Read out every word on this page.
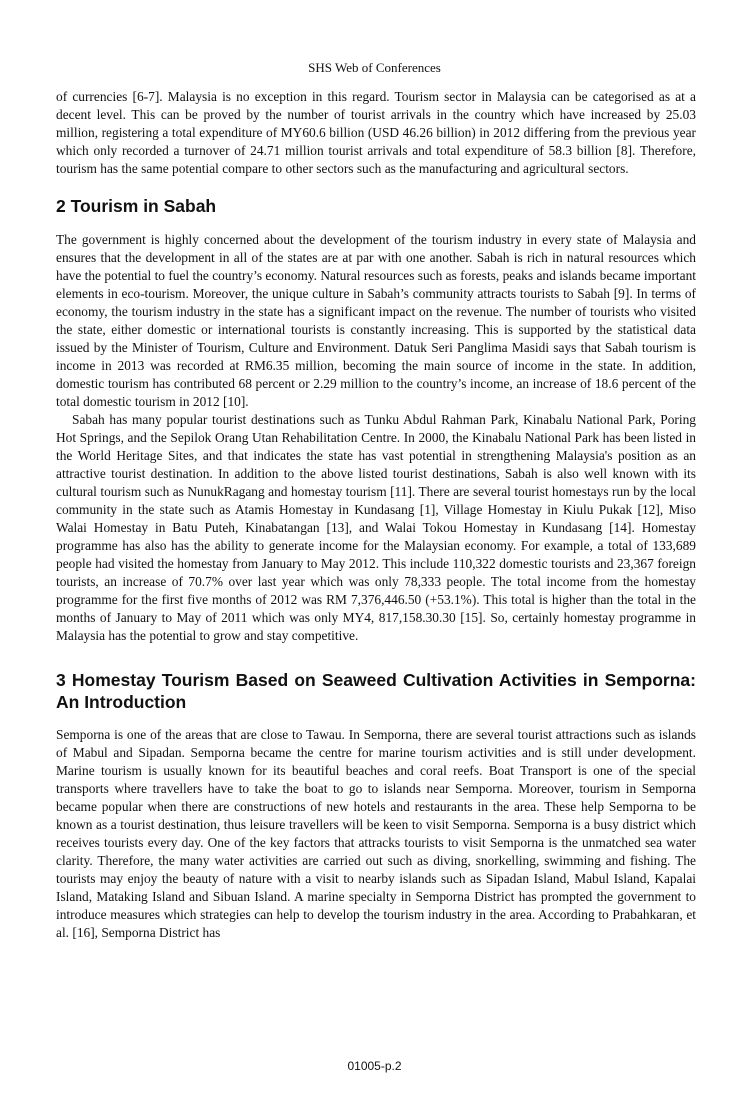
SHS Web of Conferences

of currencies [6-7]. Malaysia is no exception in this regard. Tourism sector in Malaysia can be categorised as at a decent level. This can be proved by the number of tourist arrivals in the country which have increased by 25.03 million, registering a total expenditure of MY60.6 billion (USD 46.26 billion) in 2012 differing from the previous year which only recorded a turnover of 24.71 million tourist arrivals and total expenditure of 58.3 billion [8]. Therefore, tourism has the same potential compare to other sectors such as the manufacturing and agricultural sectors.

2 Tourism in Sabah

The government is highly concerned about the development of the tourism industry in every state of Malaysia and ensures that the development in all of the states are at par with one another. Sabah is rich in natural resources which have the potential to fuel the country’s economy. Natural resources such as forests, peaks and islands became important elements in eco-tourism. Moreover, the unique culture in Sabah’s community attracts tourists to Sabah [9]. In terms of economy, the tourism industry in the state has a significant impact on the revenue. The number of tourists who visited the state, either domestic or international tourists is constantly increasing. This is supported by the statistical data issued by the Minister of Tourism, Culture and Environment. Datuk Seri Panglima Masidi says that Sabah tourism is income in 2013 was recorded at RM6.35 million, becoming the main source of income in the state. In addition, domestic tourism has contributed 68 percent or 2.29 million to the country’s income, an increase of 18.6 percent of the total domestic tourism in 2012 [10].

Sabah has many popular tourist destinations such as Tunku Abdul Rahman Park, Kinabalu National Park, Poring Hot Springs, and the Sepilok Orang Utan Rehabilitation Centre. In 2000, the Kinabalu National Park has been listed in the World Heritage Sites, and that indicates the state has vast potential in strengthening Malaysia's position as an attractive tourist destination. In addition to the above listed tourist destinations, Sabah is also well known with its cultural tourism such as NunukRagang and homestay tourism [11]. There are several tourist homestays run by the local community in the state such as Atamis Homestay in Kundasang [1], Village Homestay in Kiulu Pukak [12], Miso Walai Homestay in Batu Puteh, Kinabatangan [13], and Walai Tokou Homestay in Kundasang [14]. Homestay programme has also has the ability to generate income for the Malaysian economy. For example, a total of 133,689 people had visited the homestay from January to May 2012. This include 110,322 domestic tourists and 23,367 foreign tourists, an increase of 70.7% over last year which was only 78,333 people. The total income from the homestay programme for the first five months of 2012 was RM 7,376,446.50 (+53.1%). This total is higher than the total in the months of January to May of 2011 which was only MY4, 817,158.30.30 [15]. So, certainly homestay programme in Malaysia has the potential to grow and stay competitive.

3 Homestay Tourism Based on Seaweed Cultivation Activities in Semporna: An Introduction

Semporna is one of the areas that are close to Tawau. In Semporna, there are several tourist attractions such as islands of Mabul and Sipadan. Semporna became the centre for marine tourism activities and is still under development. Marine tourism is usually known for its beautiful beaches and coral reefs. Boat Transport is one of the special transports where travellers have to take the boat to go to islands near Semporna. Moreover, tourism in Semporna became popular when there are constructions of new hotels and restaurants in the area. These help Semporna to be known as a tourist destination, thus leisure travellers will be keen to visit Semporna. Semporna is a busy district which receives tourists every day. One of the key factors that attracks tourists to visit Semporna is the unmatched sea water clarity. Therefore, the many water activities are carried out such as diving, snorkelling, swimming and fishing. The tourists may enjoy the beauty of nature with a visit to nearby islands such as Sipadan Island, Mabul Island, Kapalai Island, Mataking Island and Sibuan Island. A marine specialty in Semporna District has prompted the government to introduce measures which strategies can help to develop the tourism industry in the area. According to Prabahkaran, et al. [16], Semporna District has

01005-p.2
